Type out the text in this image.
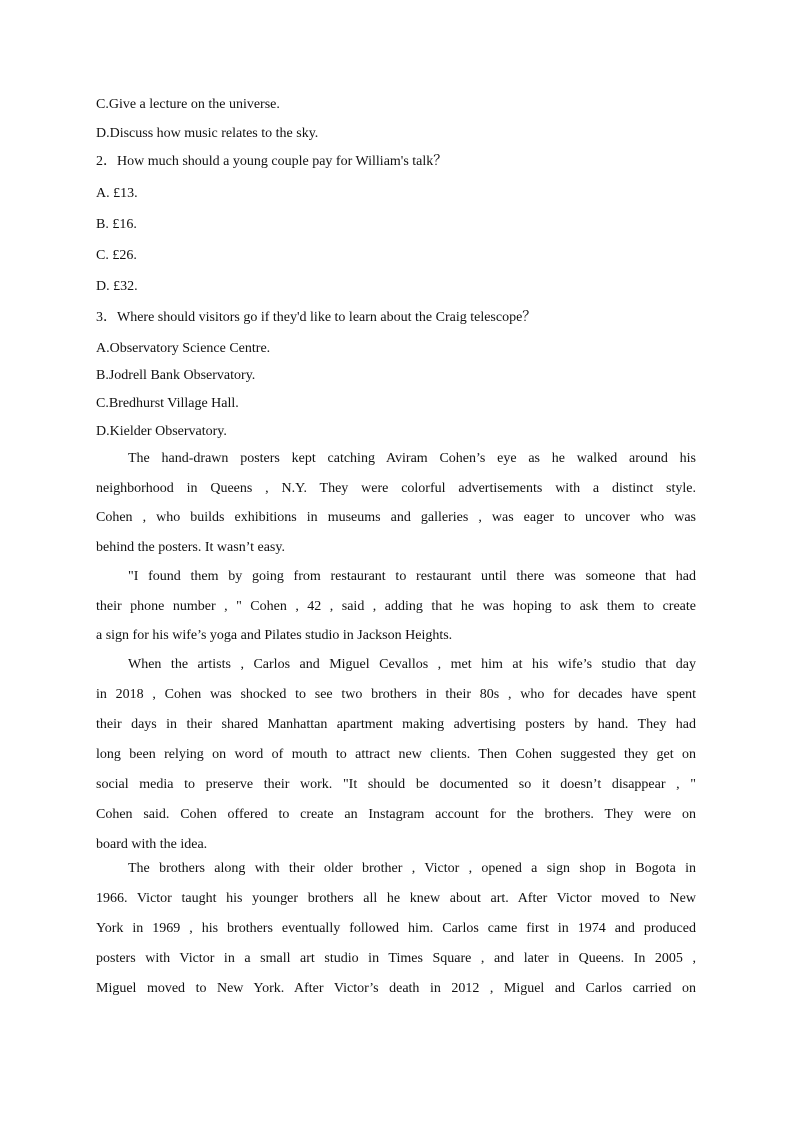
C.Give a lecture on the universe.

D.Discuss how music relates to the sky.

2．How much should a young couple pay for William's talk？

A. £13.

B. £16.

C. £26.

D. £32.

3．Where should visitors go if they'd like to learn about the Craig telescope？

A.Observatory Science Centre.

B.Jodrell Bank Observatory.

C.Bredhurst Village Hall.

D.Kielder Observatory.

The hand-drawn posters kept catching Aviram Cohen’s eye as he walked around his
neighborhood in Queens , N.Y. They were colorful advertisements with a distinct style.
Cohen , who builds exhibitions in museums and galleries , was eager to uncover who was
behind the posters. It wasn’t easy.
"I found them by going from restaurant to restaurant until there was someone that had
their phone number , " Cohen , 42 , said , adding that he was hoping to ask them to create
a sign for his wife’s yoga and Pilates studio in Jackson Heights.
When the artists , Carlos and Miguel Cevallos , met him at his wife’s studio that day
in 2018 , Cohen was shocked to see two brothers in their 80s , who for decades have spent
their days in their shared Manhattan apartment making advertising posters by hand. They had
long been relying on word of mouth to attract new clients. Then Cohen suggested they get on
social media to preserve their work. "It should be documented so it doesn’t disappear , "
Cohen said. Cohen offered to create an Instagram account for the brothers. They were on
board with the idea.
The brothers along with their older brother , Victor , opened a sign shop in Bogota in
1966. Victor taught his younger brothers all he knew about art. After Victor moved to New
York in 1969 , his brothers eventually followed him. Carlos came first in 1974 and produced
posters with Victor in a small art studio in Times Square , and later in Queens. In 2005 ,
Miguel moved to New York. After Victor’s death in 2012 , Miguel and Carlos carried on
